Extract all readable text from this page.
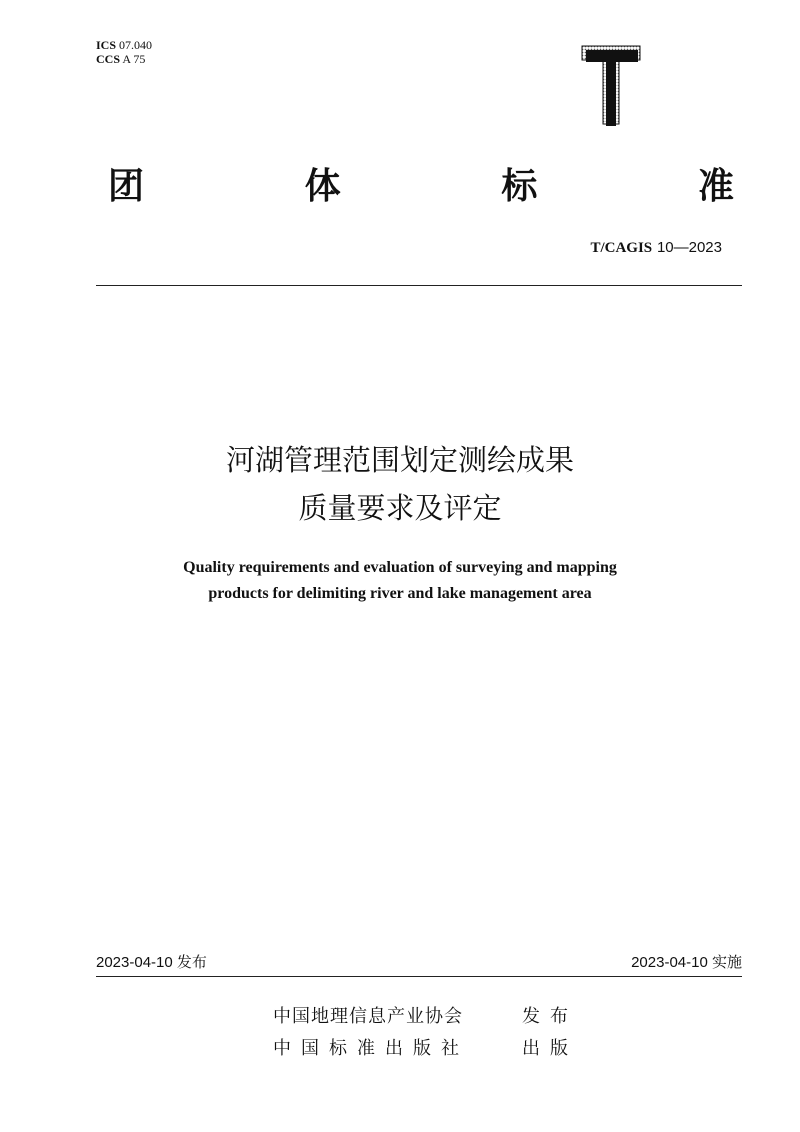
ICS 07.040
CCS A 75
T
团	体	标	准
T/CAGIS 10—2023
河湖管理范围划定测绘成果
质量要求及评定
Quality requirements and evaluation of surveying and mapping
products for delimiting river and lake management area
2023-04-10 发布	2023-04-10 实施
中国地理信息产业协会	发布
中国标准出版社	出版
